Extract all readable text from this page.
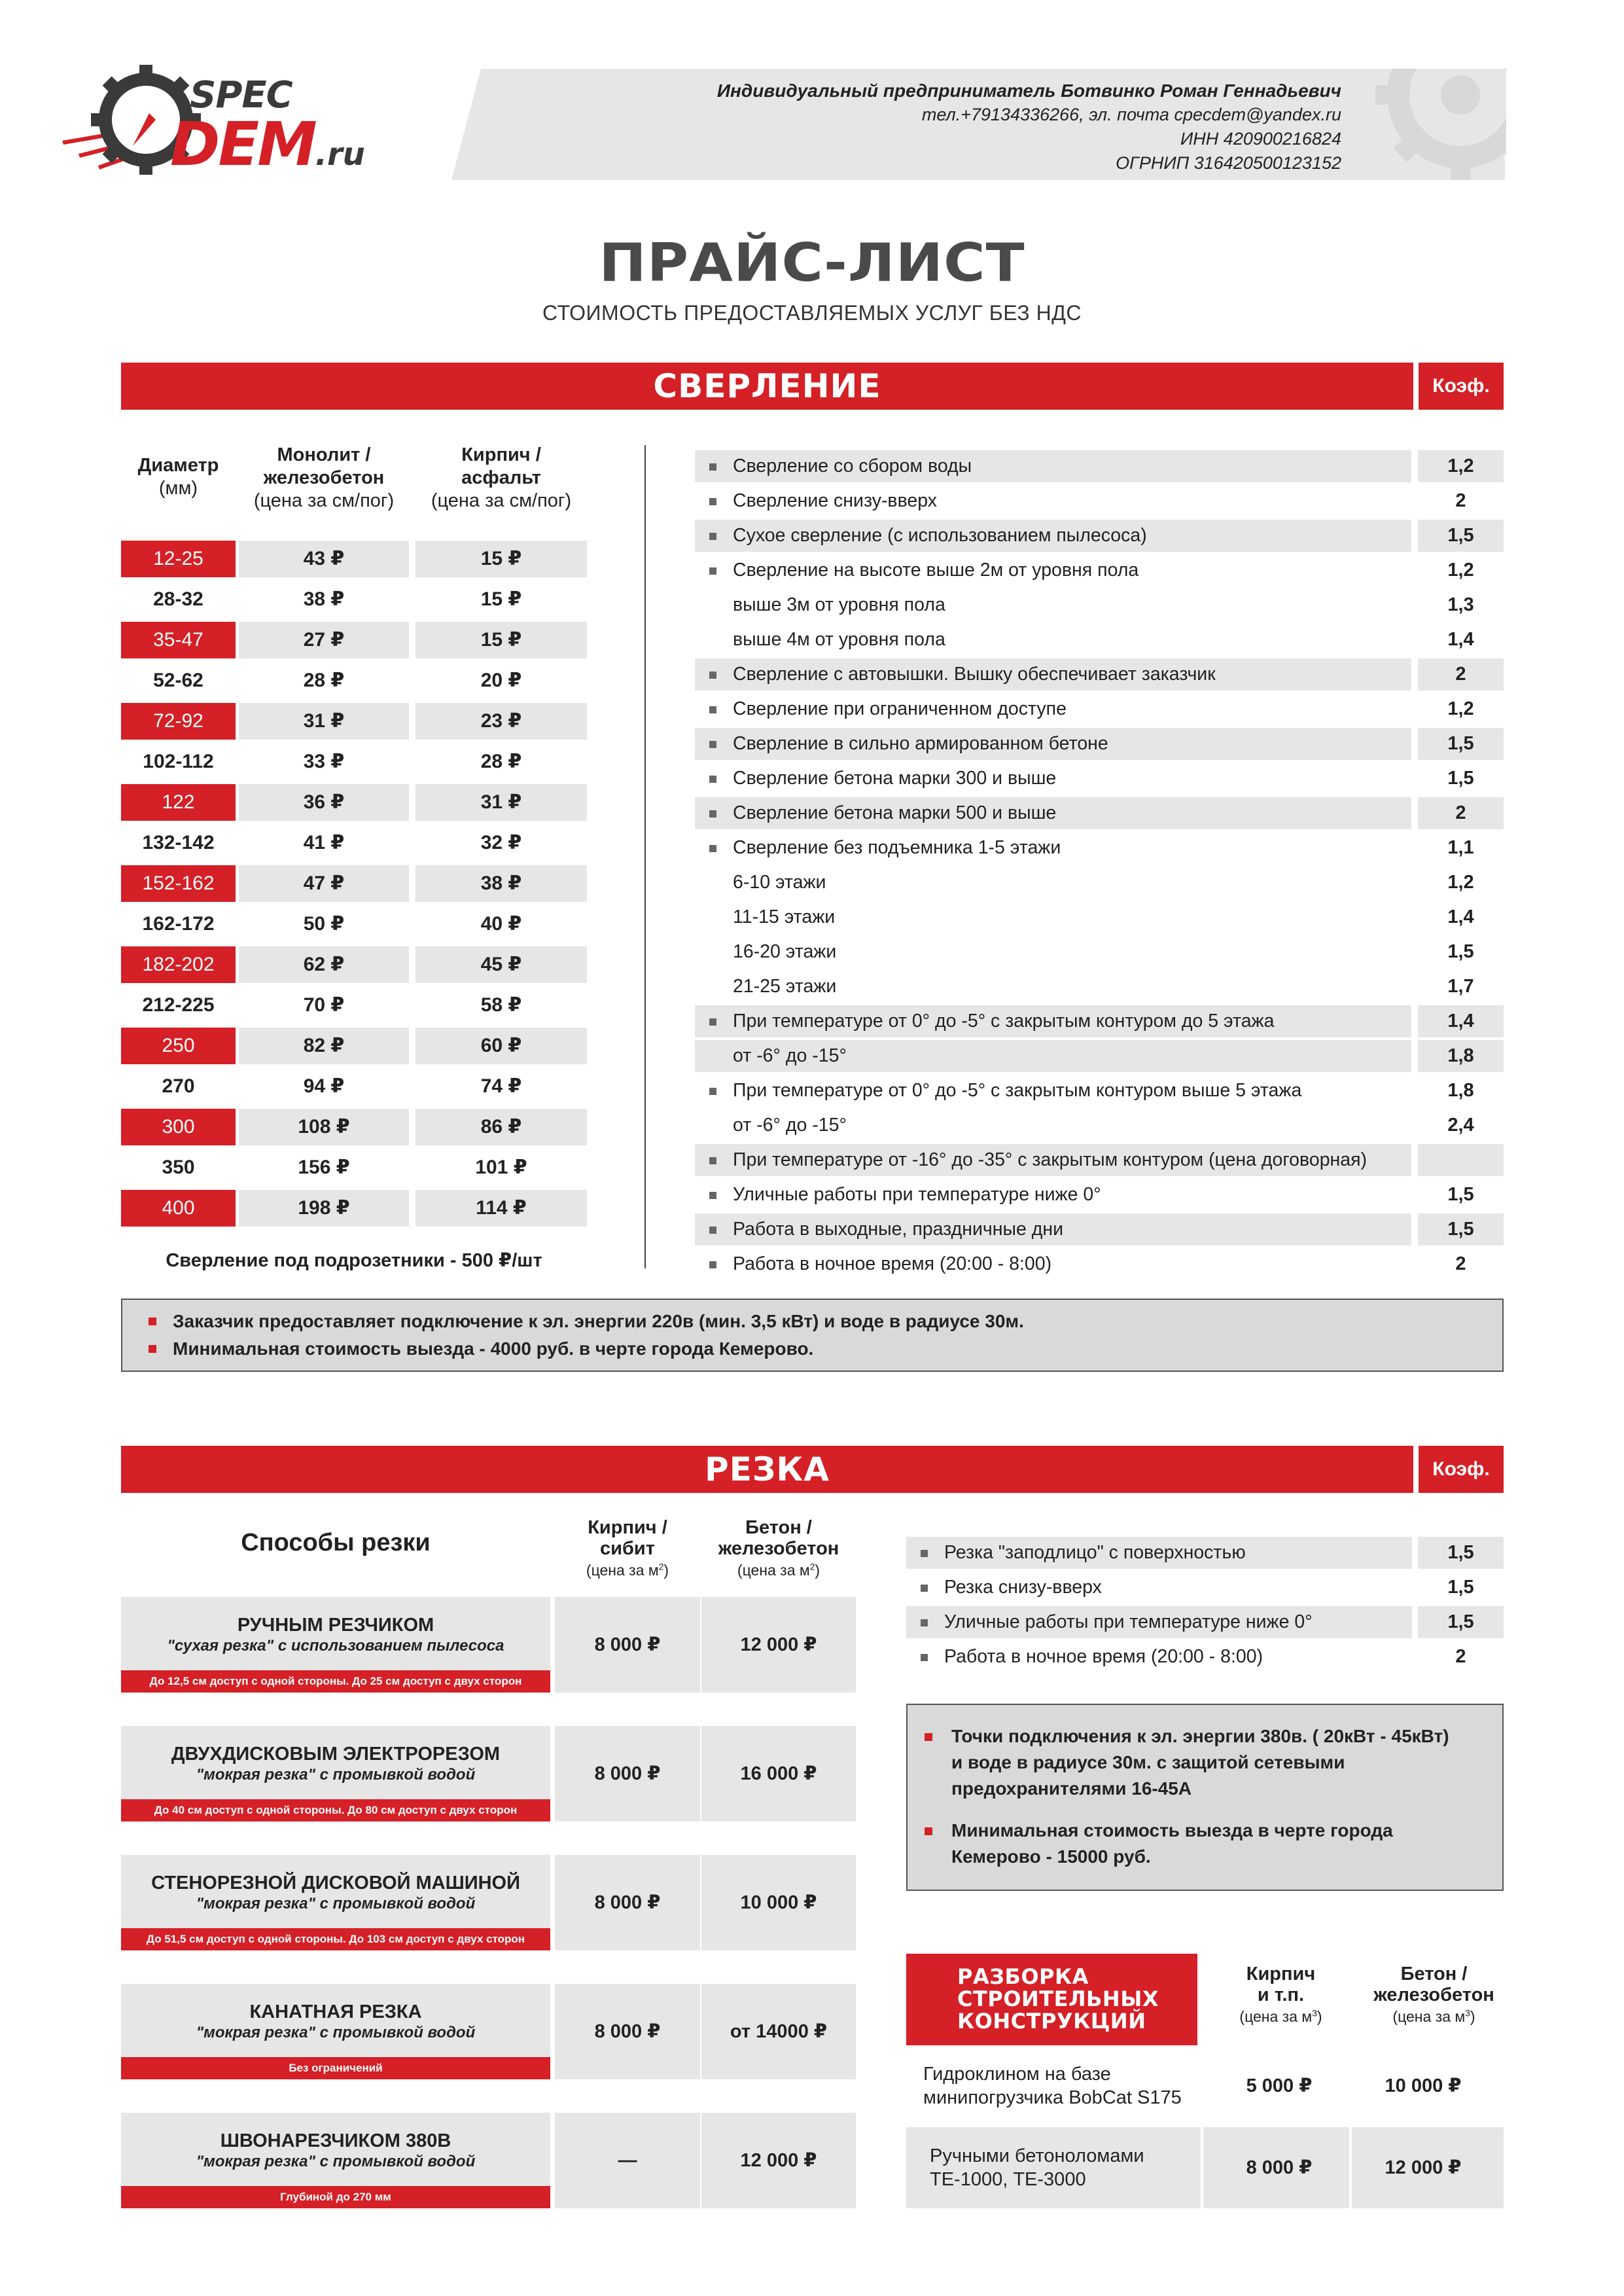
SPEC
DEM.ru
Индивидуальный предприниматель Ботвинко Роман Геннадьевич
тел.+79134336266, эл. почта cpecdem@yandex.ru
ИНН 420900216824
ОГРНИП 316420500123152
ПРАЙС-ЛИСТ
СТОИМОСТЬ ПРЕДОСТАВЛЯЕМЫХ УСЛУГ БЕЗ НДС
СВЕРЛЕНИЕ	Коэф.
Диаметр
(мм)
Монолит /
железобетон
(цена за см/пог)
Кирпич /
асфальт
(цена за см/пог)
12-25	43 ₽	15 ₽
28-32	38 ₽	15 ₽
35-47	27 ₽	15 ₽
52-62	28 ₽	20 ₽
72-92	31 ₽	23 ₽
102-112	33 ₽	28 ₽
122	36 ₽	31 ₽
132-142	41 ₽	32 ₽
152-162	47 ₽	38 ₽
162-172	50 ₽	40 ₽
182-202	62 ₽	45 ₽
212-225	70 ₽	58 ₽
250	82 ₽	60 ₽
270	94 ₽	74 ₽
300	108 ₽	86 ₽
350	156 ₽	101 ₽
400	198 ₽	114 ₽
Сверление под подрозетники - 500 ₽/шт
Сверление со сбором воды	1,2
Сверление снизу-вверх	2
Сухое сверление (с использованием пылесоса)	1,5
Сверление на высоте выше 2м от уровня пола	1,2
выше 3м от уровня пола	1,3
выше 4м от уровня пола	1,4
Сверление с автовышки. Вышку обеспечивает заказчик	2
Сверление при ограниченном доступе	1,2
Сверление в сильно армированном бетоне	1,5
Сверление бетона марки 300 и выше	1,5
Сверление бетона марки 500 и выше	2
Сверление без подъемника 1-5 этажи	1,1
6-10 этажи	1,2
11-15 этажи	1,4
16-20 этажи	1,5
21-25 этажи	1,7
При температуре от 0° до -5° с закрытым контуром до 5 этажа	1,4
от -6° до -15°	1,8
При температуре от 0° до -5° с закрытым контуром выше 5 этажа	1,8
от -6° до -15°	2,4
При температуре от -16° до -35° с закрытым контуром (цена договорная)
Уличные работы при температуре ниже 0°	1,5
Работа в выходные, праздничные дни	1,5
Работа в ночное время (20:00 - 8:00)	2
Заказчик предоставляет подключение к эл. энергии 220в (мин. 3,5 кВт) и воде в радиусе 30м.
Минимальная стоимость выезда - 4000 руб. в черте города Кемерово.
РЕЗКА	Коэф.
Способы резки
Кирпич /
сибит
(цена за $м^2$)
Бетон /
железобетон
(цена за $м^2$)
РУЧНЫМ РЕЗЧИКОМ
"сухая резка" с использованием пылесоса
До 12,5 см доступ с одной стороны. До 25 см доступ с двух сторон
8 000 ₽	12 000 ₽
ДВУХДИСКОВЫМ ЭЛЕКТРОРЕЗОМ
"мокрая резка" с промывкой водой
До 40 см доступ с одной стороны. До 80 см доступ с двух сторон
8 000 ₽	16 000 ₽
СТЕНОРЕЗНОЙ ДИСКОВОЙ МАШИНОЙ
"мокрая резка" с промывкой водой
До 51,5 см доступ с одной стороны. До 103 см доступ с двух сторон
8 000 ₽	10 000 ₽
КАНАТНАЯ РЕЗКА
"мокрая резка" с промывкой водой
Без ограничений
8 000 ₽	от 14000 ₽
ШВОНАРЕЗЧИКОМ 380В
"мокрая резка" с промывкой водой
Глубиной до 270 мм
—	12 000 ₽
Резка "заподлицо" с поверхностью	1,5
Резка снизу-вверх	1,5
Уличные работы при температуре ниже 0°	1,5
Работа в ночное время (20:00 - 8:00)	2
Точки подключения к эл. энергии 380в. ( 20кВт - 45кВт) и воде в радиусе 30м. с защитой сетевыми предохранителями 16-45А
Минимальная стоимость выезда в черте города Кемерово - 15000 руб.
РАЗБОРКА
СТРОИТЕЛЬНЫХ
КОНСТРУКЦИЙ
Кирпич
и т.п.
(цена за $м^3$)
Бетон /
железобетон
(цена за $м^3$)
Гидроклином на базе
минипогрузчика BobCat S175
5 000 ₽	10 000 ₽
Ручными бетоноломами
ТЕ-1000, ТЕ-3000
8 000 ₽	12 000 ₽
